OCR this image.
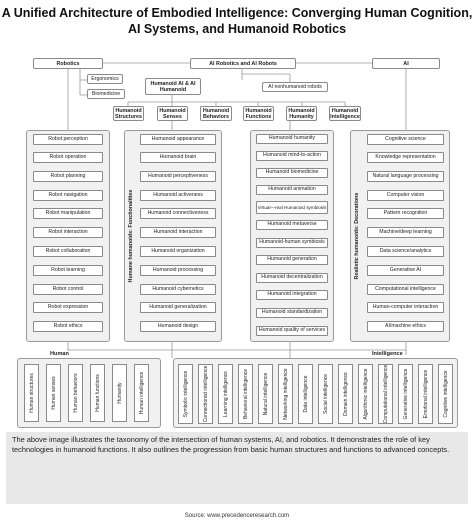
A Unified Architecture of Embodied Intelligence: Converging Human Cognition,
AI Systems, and Humanoid Robotics
Robotics	AI Robotics and AI Robots	AI
Ergonomics
Biomedicine
Humanoid AI & AI Humanoid	AI nonhumanoid robots
Humanoid Structures
Humanoid Senses
Humanoid Behaviors
Humanoid Functions
Humanoid Humanity
Humanoid Intelligence
Humane humanoids: Functionalities	Realistic humanoids: Decorations
Robot perception
Robot operation
Robot planning
Robot navigation
Robot manipulation
Robot interaction
Robot collaboration
Robot learning
Robot control
Robot expression
Robot ethics
Humanoid appearance
Humanoid brain
Humanoid perceptiveness
Humanoid activeness
Humanoid connectiveness
Humanoid interaction
Humanoid organization
Humanoid processing
Humanoid cybernetics
Humanoid generalization
Humanoid design
Humanoid humanity
Humanoid mind-to-action
Humanoid biomedicine
Humanoid animation
Virtual—real Humanoid symbiosis
Humanoid metaverse
Humanoid-human symbiosis
Humanoid generation
Humanoid decentralization
Humanoid integration
Humanoid standardization
Humanoid quality of services
Cognitive science
Knowledge representation
Natural language processing
Computer vision
Pattern recognition
Machine/deep learning
Data science/analytics
Generative AI
Computational intelligence
Human-computer interaction
AI/machine ethics
Human
Human structures	Human senses	Human behaviors	Human functions	Humanity	Human intelligence
Intelligence
Symbolic intelligence	Connectionist intelligence	Learning intelligence	Behavioral intelligence	Natural intelligence	Networking intelligence	Data intelligence	Social intelligence	Domain intelligence	Algorithmic intelligence	Computational intelligence	Generative intelligence	Emotional intelligence	Cognitive intelligence
The above image illustrates the taxonomy of the intersection of human systems, AI, and robotics. It demonstrates the role of key technologies in humanoid functions. It also outlines the progression from basic human structures and functions to advanced concepts.
Source: www.precedenceresearch.com
